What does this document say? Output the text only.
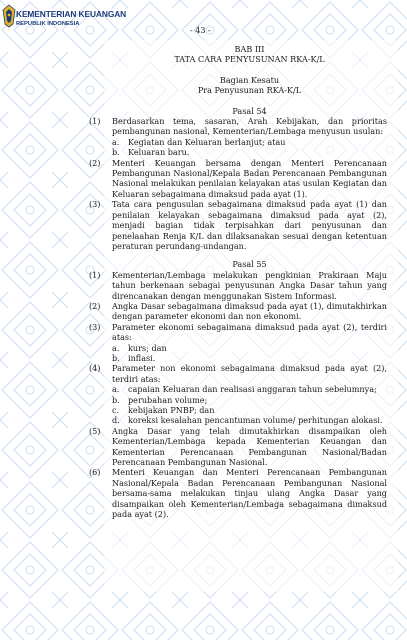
KEMENTERIAN KEUANGAN
REPUBLIK INDONESIA
- 43 -
BAB III
TATA CARA PENYUSUNAN RKA-K/L
Bagian Kesatu
Pra Penyusunan RKA-K/L
Pasal 54
(1)	Berdasarkan tema, sasaran, Arah Kebijakan, dan prioritas pembangunan nasional, Kementerian/Lembaga menyusun usulan:
a.	Kegiatan dan Keluaran berlanjut; atau
b.	Keluaran baru.
(2)	Menteri Keuangan bersama dengan Menteri Perencanaan Pembangunan Nasional/Kepala Badan Perencanaan Pembangunan Nasional melakukan penilaian kelayakan atas usulan Kegiatan dan Keluaran sebagaimana dimaksud pada ayat (1).
(3)	Tata cara pengusulan sebagaimana dimaksud pada ayat (1) dan penilaian kelayakan sebagaimana dimaksud pada ayat (2), menjadi bagian tidak terpisahkan dari penyusunan dan penelaahan Renja K/L dan dilaksanakan sesuai dengan ketentuan peraturan perundang-undangan.
Pasal 55
(1)	Kementerian/Lembaga melakukan pengkinian Prakiraan Maju tahun berkenaan sebagai penyusunan Angka Dasar tahun yang direncanakan dengan menggunakan Sistem Informasi.
(2)	Angka Dasar sebagaimana dimaksud pada ayat (1), dimutakhirkan dengan parameter ekonomi dan non ekonomi.
(3)	Parameter ekonomi sebagaimana dimaksud pada ayat (2), terdiri atas:
a.	kurs; dan
b.	inflasi.
(4)	Parameter non ekonomi sebagaimana dimaksud pada ayat (2), terdiri atas:
a.	capaian Keluaran dan realisasi anggaran tahun sebelumnya;
b.	perubahan volume;
c.	kebijakan PNBP; dan
d.	koreksi kesalahan pencantuman volume/ perhitungan alokasi.
(5)	Angka Dasar yang telah dimutakhirkan disampaikan oleh Kementerian/Lembaga kepada Kementerian Keuangan dan Kementerian Perencanaan Pembangunan Nasional/Badan Perencanaan Pembangunan Nasional.
(6)	Menteri Keuangan dan Menteri Perencanaan Pembangunan Nasional/Kepala Badan Perencanaan Pembangunan Nasional bersama-sama melakukan tinjau ulang Angka Dasar yang disampaikan oleh Kementerian/Lembaga sebagaimana dimaksud pada ayat (2).
